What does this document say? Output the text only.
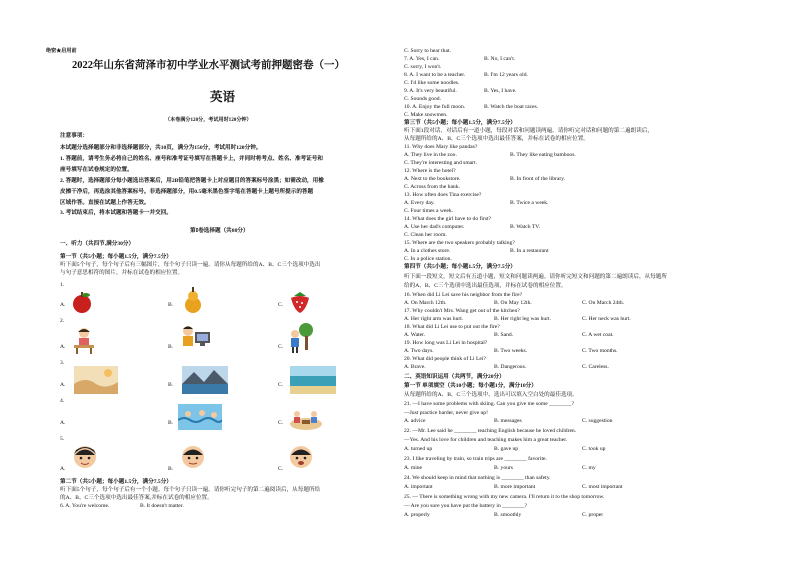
绝密★启用前
2022年山东省菏泽市初中学业水平测试考前押题密卷（一）
英语
（本卷满分120分，考试用时120分钟）
注意事项：
本试题分选择题部分和非选择题部分，共10页，满分为150分，考试用时120分钟。
1. 答题前，请考生务必将自己的姓名、座号和准考证号填写在答题卡上，并同时将考点、姓名、准考证号和
座号填写在试卷规定的位置。
2. 答题时，选择题部分每小题选出答案后，用2B铅笔把答题卡上对应题目的答案标号涂黑；如需改动，用橡
皮擦干净后，再选涂其他答案标号。非选择题部分，用0.5毫米黑色签字笔在答题卡上题号所提示的答题
区域作答。直接在试题上作答无效。
3. 考试结束后，将本试题和答题卡一并交回。
第Ⅰ卷选择题（共80分）
一、听力（共四节,满分30分）
第一节（共5小题；每小题1.5分，满分7.5分）
听下面5个句子，每个句子后有三幅图片，每个句子只读一遍。请你从每题所给的A、B、C三个选项中选出
与句子意思相符的图片，并标在试卷的相应位置。
1.
2.
3.
4.
5.
A.	B.	C.
A.	B.	C.
A.	B.	C.
A.	B.	C.
A.	B.	C.
第二节（共5小题；每小题1.5分，满分7.5分）
听下面5个句子，每个句子后有一个小题。每个句子只读一遍。请你听完句子的第二遍阅读后，从每题所给
的A、B、C三个选项中选出最佳答案,并标在试卷的相应位置。
6. A. You're welcome.	B. It doesn't matter.
C. Sorry to hear that.
7. A. Yes, I can.	B. No, I can't.
C. sorry, I won't.
8. A. I want to be a teacher.	B. I'm 12 years old.
C. I'd like some noodles.
9. A. It's very beautiful.	B. Yes, I have.
C. Sounds good.
10. A. Enjoy the full moon.	B. Watch the boat races.
C. Make snowmen.
第三节（共5小题；每小题1.5分，满分7.5分）
听下面1段对话，对话后有一道小题，每段对话和问题读两遍。请你听完对话和问题的第二遍朗读后，
从每题所给的A、B、C三个选项中选出最佳答案，并标在试卷的相应位置。
11. Why does Mary like pandas?
A. They live in the zoo.	B. They like eating bamboos.
C. They're interesting and smart.
12. Where is the hotel?
A. Next to the bookstore.	B. In front of the library.
C. Across from the bank.
13. How often does Tina exercise?
A. Every day.	B. Twice a week.
C. Four times a week.
14. What does the girl have to do first?
A. Use her dad's computer.	B. Watch TV.
C. Clean her room.
15. Where are the two speakers probably talking?
A. In a clothes store.	B. In a restaurant
C. In a police station.
第四节（共5小题；每小题1.5分，满分7.5分）
听下面一段短文，短文后有五道小题，短文和问题读两遍。请你听完短文和问题的第二遍朗读后，从每题所
给的A、B、C三个选项中选出最佳选项，并标在试卷的相应位置。
16. When did Li Lei save his neighbor from the fire?
A. On March 12th.	B. On May 12th.	C. On March 24th.
17. Why couldn't Mrs. Wang get out of the kitchen?
A. Her right arm was hurt.	B. Her right leg was hurt.	C. Her neck was hurt.
18. What did Li Lei use to put out the fire?
A. Water.	B. Sand.	C. A wet coat.
19. How long was Li Lei in hospital?
A. Two days.	B. Two weeks.	C. Two months.
20. What did people think of Li Lei?
A. Brave.	B. Dangerous.	C. Careless.
二、英语知识运用（共两节，满分20分）
第一节 单项填空（共10小题；每小题1分，满分10分）
从每题所给的A、B、C三个选项中，选出可以填入空白处的最佳选项。
21. —I have some problems with skiing. Can you give me some ________?
—Just practice harder, never give up!
A. advice	B. messages	C. suggestion
22. —Mr. Lee said he ________ teaching English because he loved children.
—Yes. And his love for children and teaching makes him a great teacher.
A. turned up	B. gave up	C. took up
23. I like traveling by train, so train trips are ________ favorite.
A. mine	B. yours	C. my
24. We should keep in mind that nothing is ________ than safety.
A. important	B. more important	C. most important
25. — There is something wrong with my new camera. I'll return it to the shop tomorrow.
— Are you sure you have put the battery in ________?
A. properly	B. smoothly	C. proper
